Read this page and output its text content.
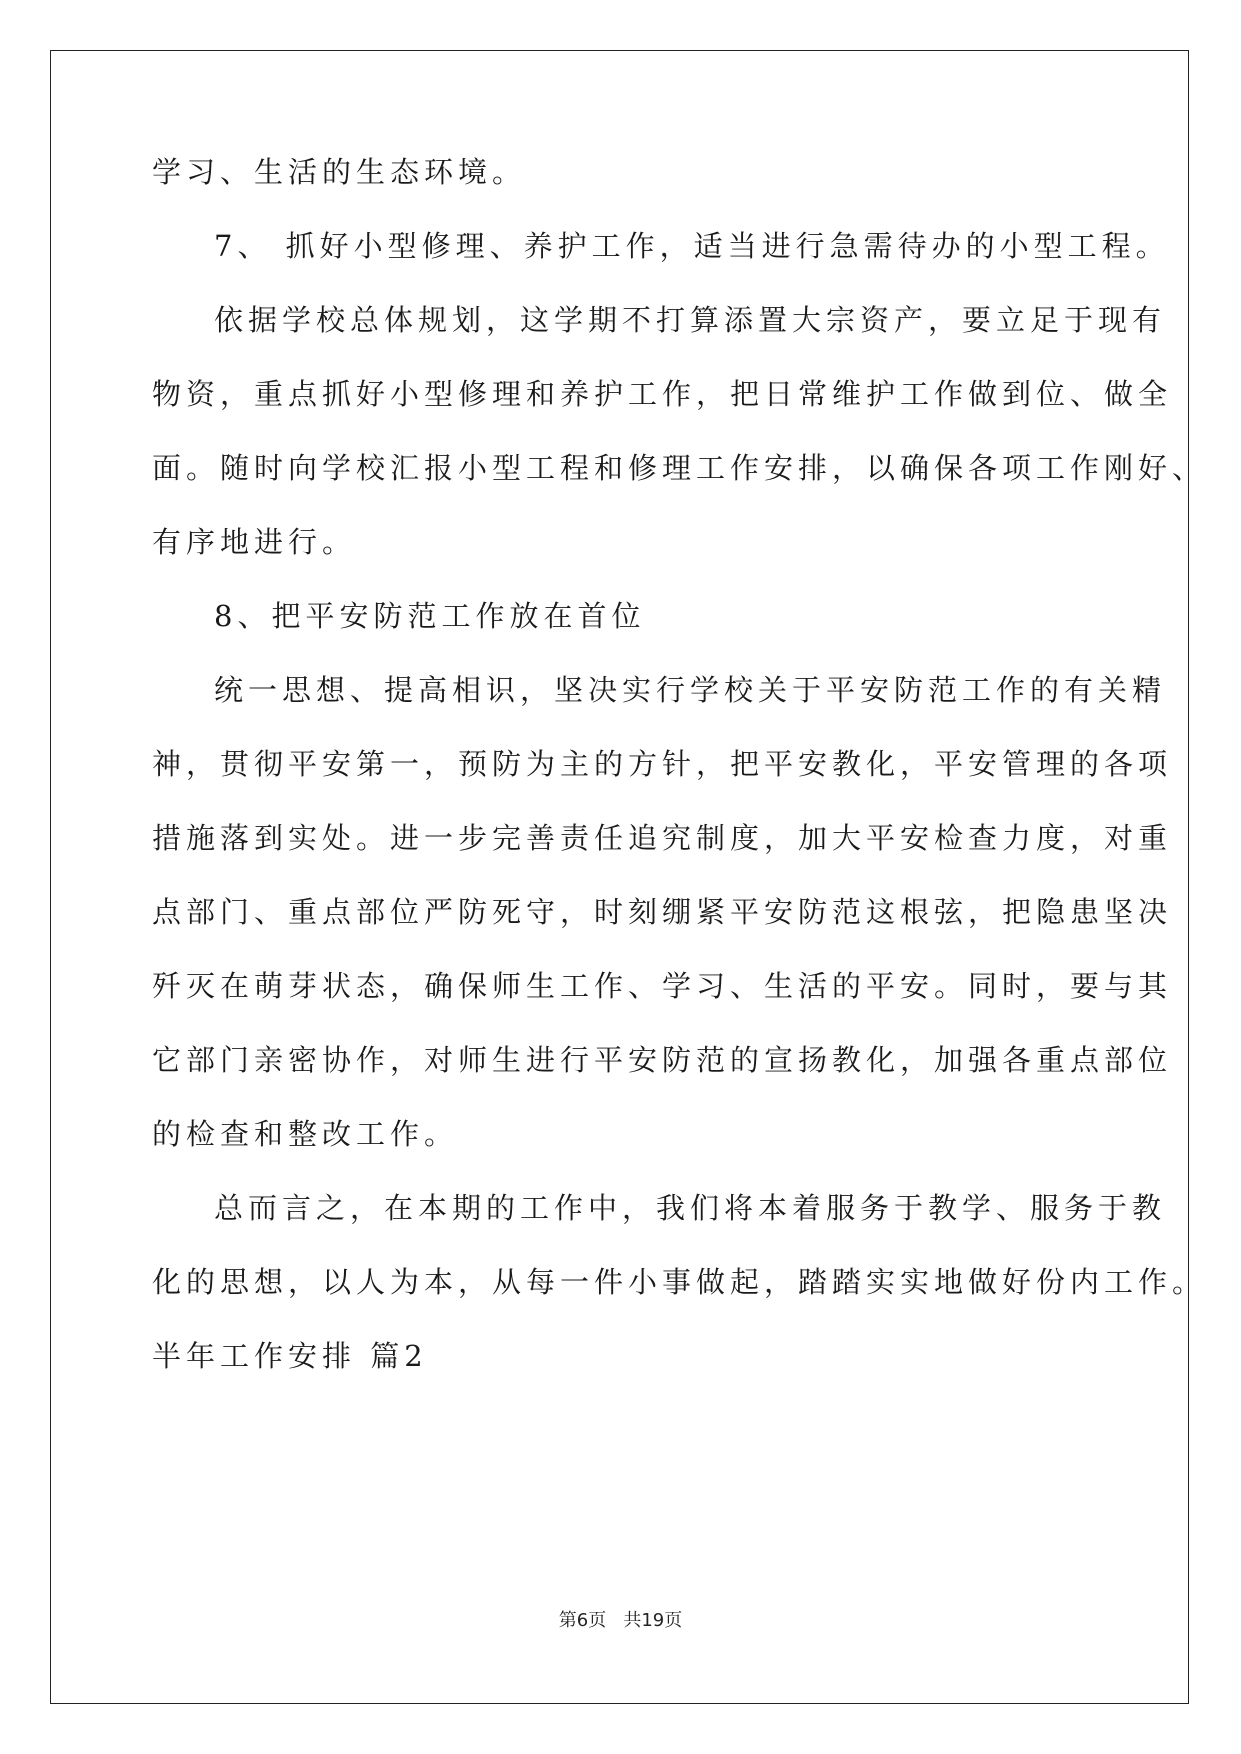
学习、生活的生态环境。
7、 抓好小型修理、养护工作，适当进行急需待办的小型工程。
依据学校总体规划，这学期不打算添置大宗资产，要立足于现有
物资，重点抓好小型修理和养护工作，把日常维护工作做到位、做全
面。随时向学校汇报小型工程和修理工作安排，以确保各项工作刚好、
有序地进行。
8、把平安防范工作放在首位
统一思想、提高相识，坚决实行学校关于平安防范工作的有关精
神，贯彻平安第一，预防为主的方针，把平安教化，平安管理的各项
措施落到实处。进一步完善责任追究制度，加大平安检查力度，对重
点部门、重点部位严防死守，时刻绷紧平安防范这根弦，把隐患坚决
歼灭在萌芽状态，确保师生工作、学习、生活的平安。同时，要与其
它部门亲密协作，对师生进行平安防范的宣扬教化，加强各重点部位
的检查和整改工作。
总而言之，在本期的工作中，我们将本着服务于教学、服务于教
化的思想，以人为本，从每一件小事做起，踏踏实实地做好份内工作。
半年工作安排 篇2
第6页   共19页
